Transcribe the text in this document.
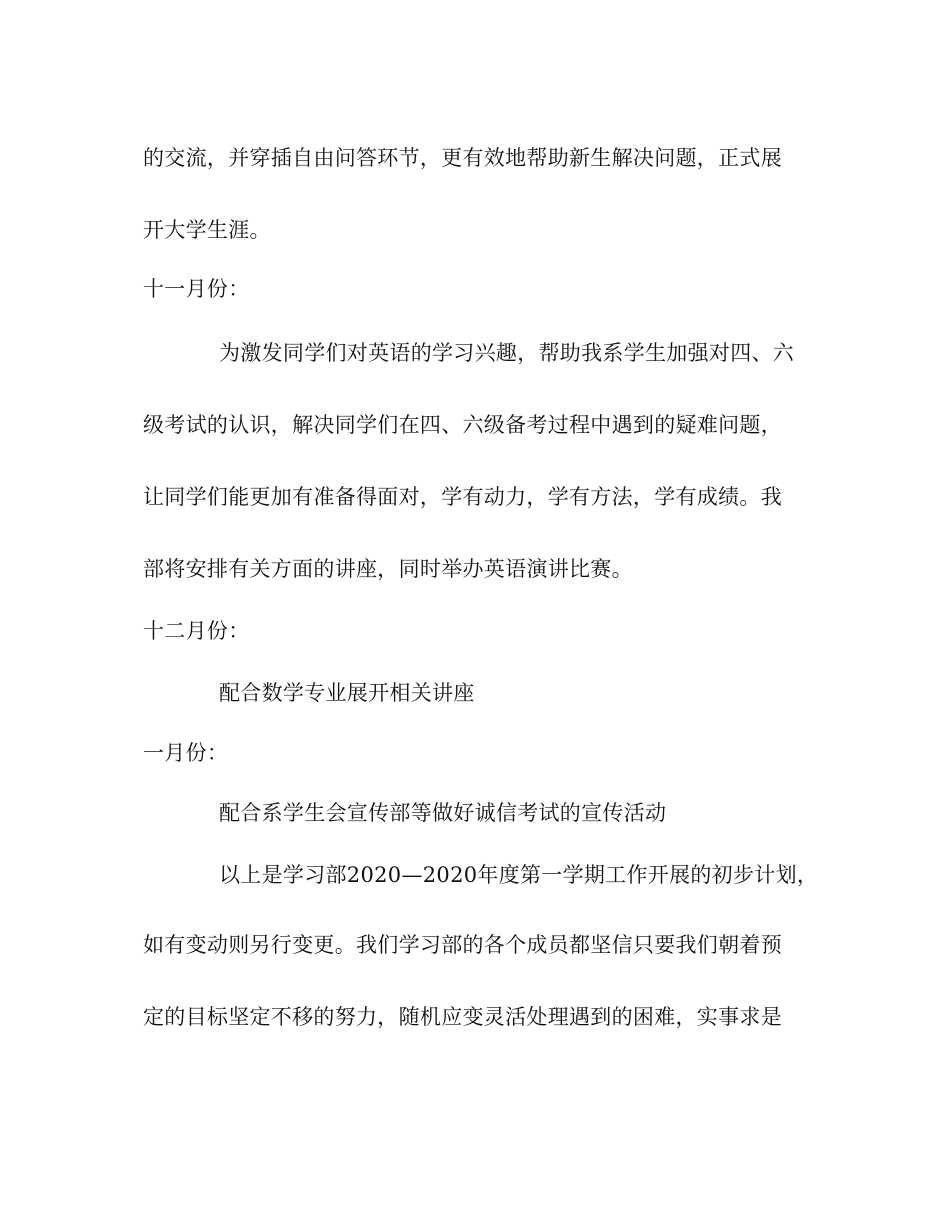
的交流，并穿插自由问答环节，更有效地帮助新生解决问题，正式展
开大学生涯。
十一月份：
为激发同学们对英语的学习兴趣，帮助我系学生加强对四、六
级考试的认识，解决同学们在四、六级备考过程中遇到的疑难问题，
让同学们能更加有准备得面对，学有动力，学有方法，学有成绩。我
部将安排有关方面的讲座，同时举办英语演讲比赛。
十二月份：
配合数学专业展开相关讲座
一月份：
配合系学生会宣传部等做好诚信考试的宣传活动
以上是学习部2020—2020年度第一学期工作开展的初步计划，
如有变动则另行变更。我们学习部的各个成员都坚信只要我们朝着预
定的目标坚定不移的努力，随机应变灵活处理遇到的困难，实事求是
